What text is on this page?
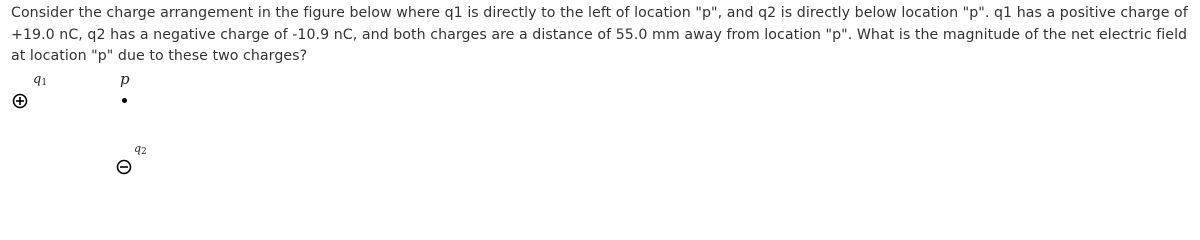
Consider the charge arrangement in the figure below where q1 is directly to the left of location "p", and q2 is directly below location "p". q1 has a positive charge of +19.0 nC, q2 has a negative charge of -10.9 nC, and both charges are a distance of 55.0 mm away from location "p". What is the magnitude of the net electric field at location "p" due to these two charges?

q1	p
q2
